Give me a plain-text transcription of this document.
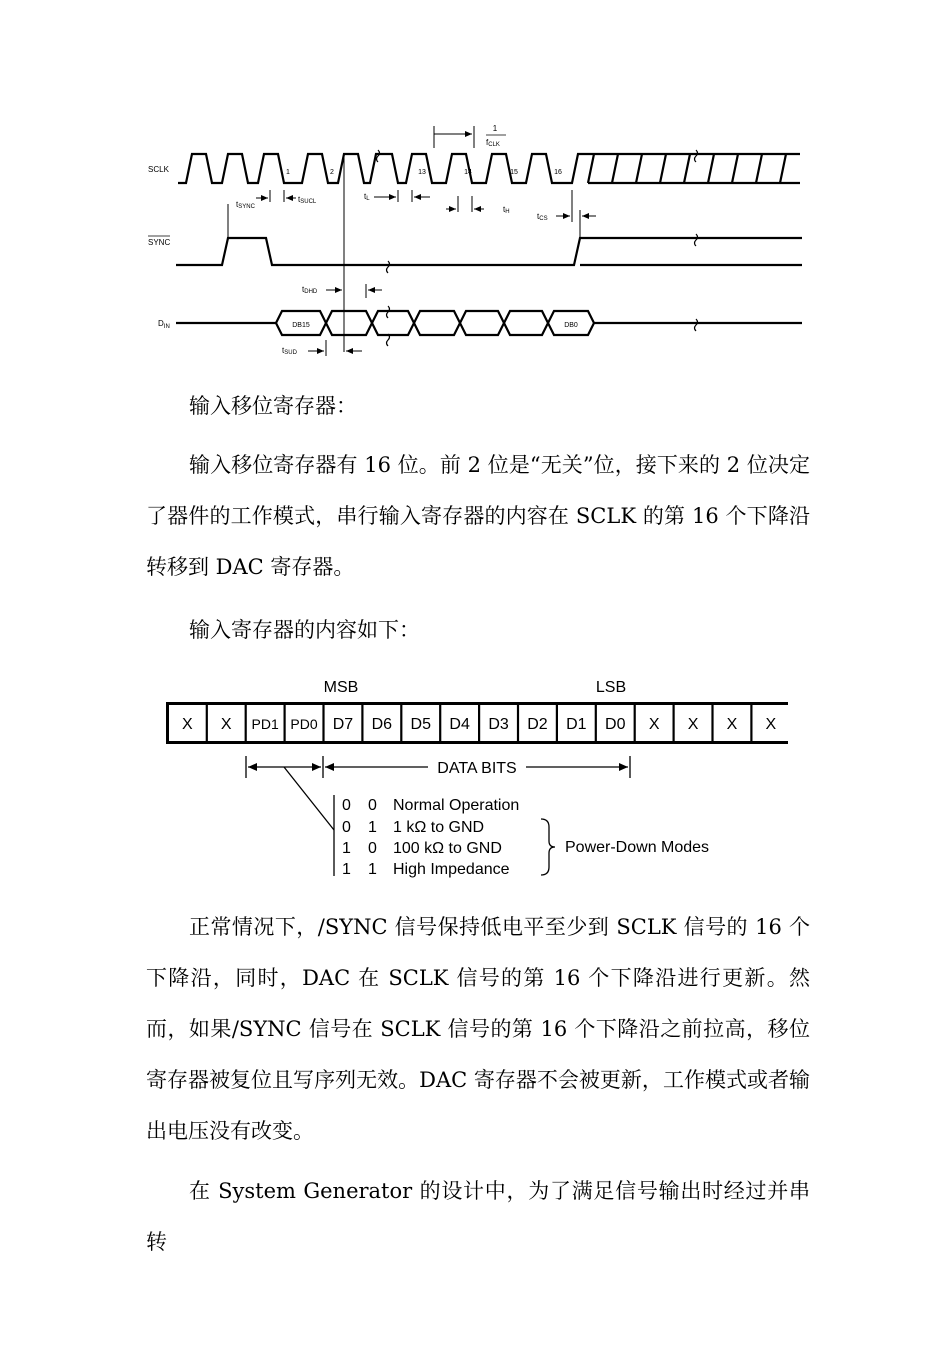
SCLK
SYNC
$D_{IN}$
1	2	13	14	15	16
1
fCLK
tSYNC
tSUCL
tL
tH	tCS
tDHD
tSUD
DB15	DB0

输入移位寄存器：

输入移位寄存器有 16 位。前 2 位是“无关”位，接下来的 2 位决定了器件的工作模式，串行输入寄存器的内容在 SCLK 的第 16 个下降沿转移到 DAC 寄存器。

输入寄存器的内容如下：

MSB	LSB
X X PD1 PD0 D7 D6 D5 D4 D3 D2 D1 D0 X X X X
DATA BITS
0 0 Normal Operation
0 1 1 kΩ to GND
1 0 100 kΩ to GND
1 1 High Impedance
Power-Down Modes

正常情况下，/SYNC 信号保持低电平至少到 SCLK 信号的 16 个下降沿，同时，DAC 在 SCLK 信号的第 16 个下降沿进行更新。然而，如果/SYNC 信号在 SCLK 信号的第 16 个下降沿之前拉高，移位寄存器被复位且写序列无效。DAC 寄存器不会被更新，工作模式或者输出电压没有改变。

在 System Generator 的设计中，为了满足信号输出时经过并串转
